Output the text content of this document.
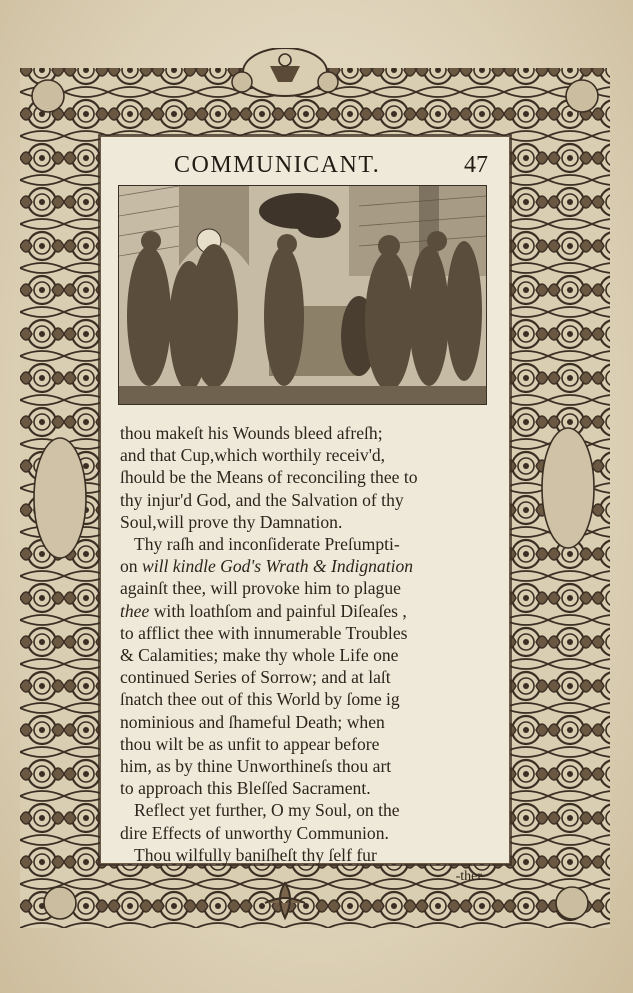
COMMUNICANT.	47
thou makeſt his Wounds bleed afreſh;
and that Cup,which worthily receiv'd,
ſhould be the Means of reconciling thee to
thy injur'd God, and the Salvation of thy
Soul,will prove thy Damnation.
Thy raſh and inconſiderate Preſumpti-
on will kindle God's Wrath & Indignation
againſt thee, will provoke him to plague
thee with loathſom and painful Diſeaſes ,
to afflict thee with innumerable Troubles
& Calamities; make thy whole Life one
continued Series of Sorrow; and at laſt
ſnatch thee out of this World by ſome ig
nominious and ſhameful Death; when
thou wilt be as unfit to appear before
him, as by thine Unworthineſs thou art
to approach this Bleſſed Sacrament.
Reflect yet further, O my Soul, on the
dire Effects of unworthy Communion.
Thou wilfully baniſheſt thy ſelf fur
-ther
